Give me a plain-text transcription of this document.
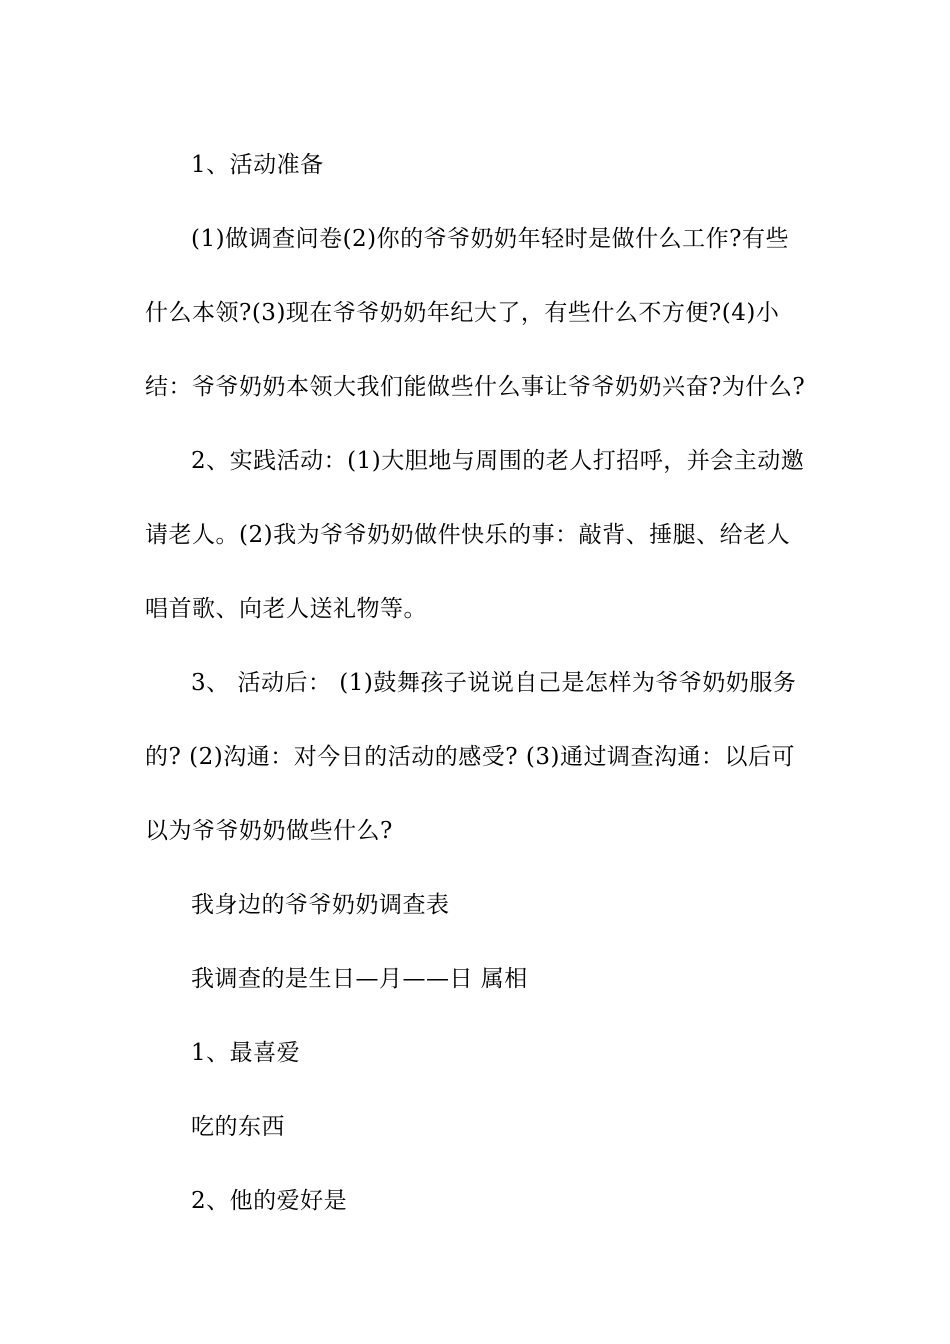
1、活动准备

(1)做调查问卷(2)你的爷爷奶奶年轻时是做什么工作?有些什么本领?(3)现在爷爷奶奶年纪大了，有些什么不方便?(4)小结：爷爷奶奶本领大我们能做些什么事让爷爷奶奶兴奋?为什么?

2、实践活动：(1)大胆地与周围的老人打招呼，并会主动邀请老人。(2)我为爷爷奶奶做件快乐的事：敲背、捶腿、给老人唱首歌、向老人送礼物等。

3、 活动后： (1)鼓舞孩子说说自己是怎样为爷爷奶奶服务的? (2)沟通：对今日的活动的感受? (3)通过调查沟通：以后可以为爷爷奶奶做些什么?

我身边的爷爷奶奶调查表

我调查的是生日—月——日 属相

1、最喜爱

吃的东西

2、他的爱好是
